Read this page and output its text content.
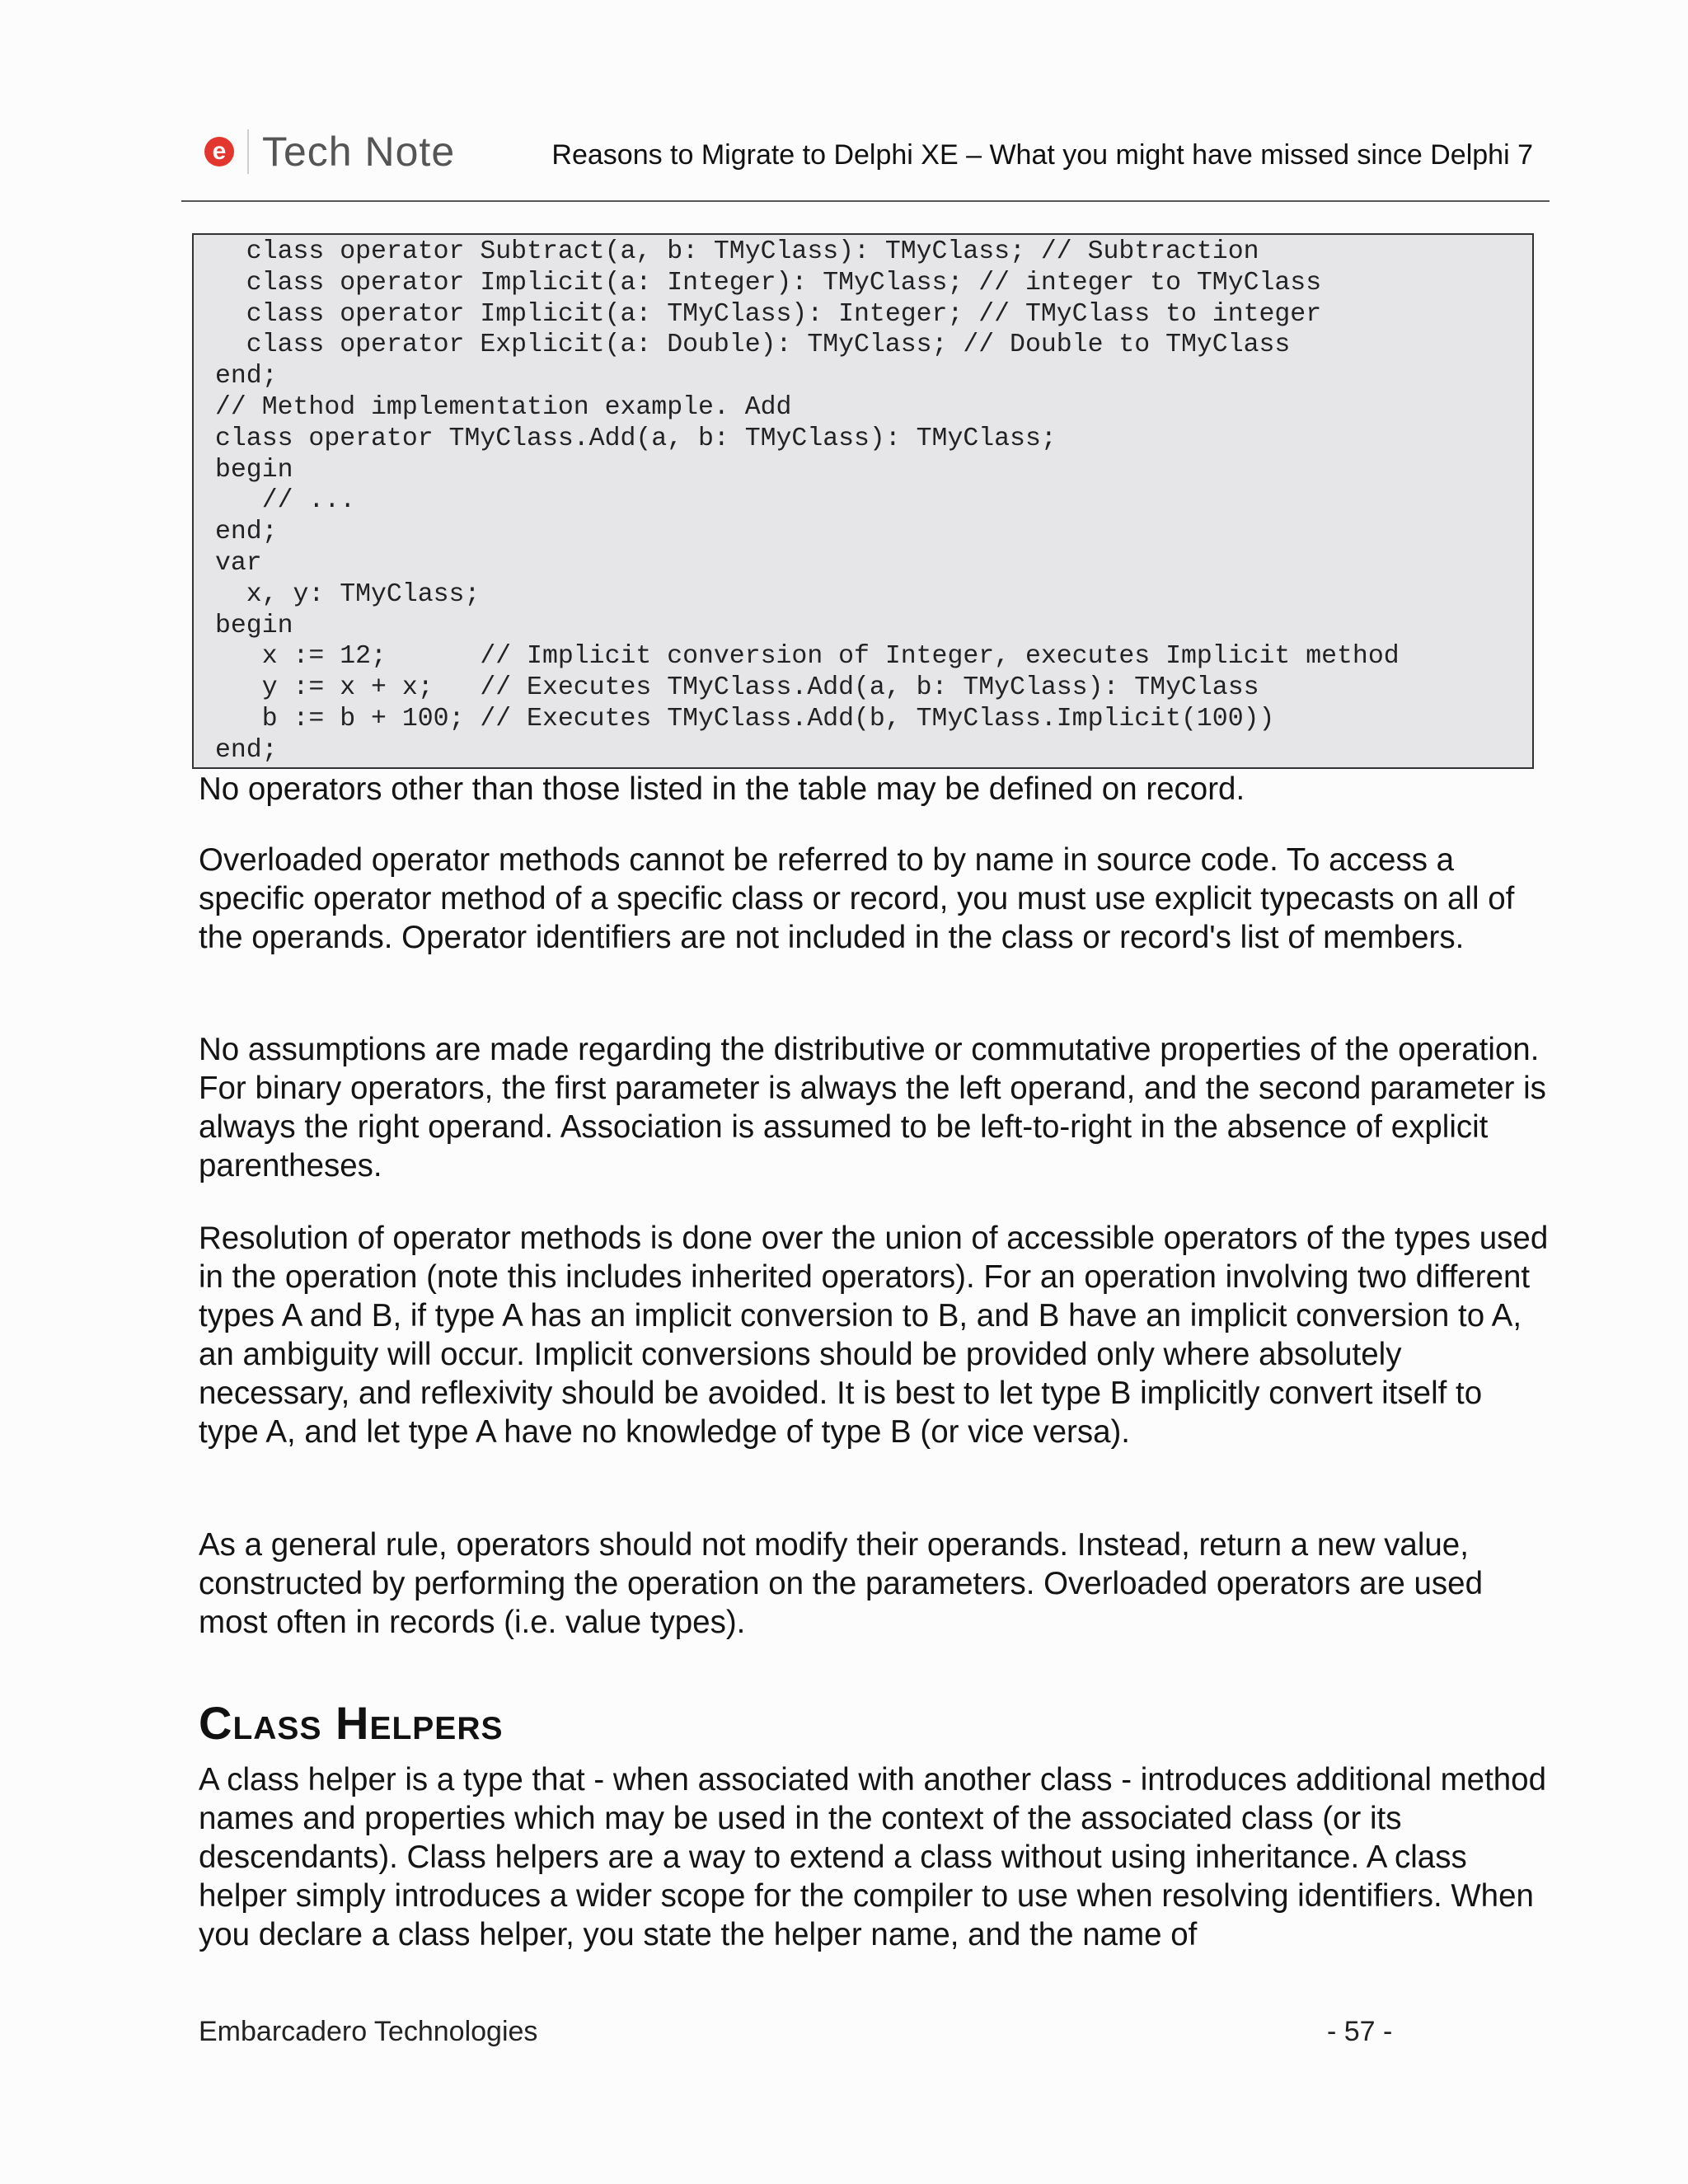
e Tech Note	Reasons to Migrate to Delphi XE – What you might have missed since Delphi 7
class operator Subtract(a, b: TMyClass): TMyClass; // Subtraction
class operator Implicit(a: Integer): TMyClass; // integer to TMyClass
class operator Implicit(a: TMyClass): Integer; // TMyClass to integer
class operator Explicit(a: Double): TMyClass; // Double to TMyClass
end;
// Method implementation example. Add
class operator TMyClass.Add(a, b: TMyClass): TMyClass;
begin
// ...
end;
var
x, y: TMyClass;
begin
x := 12;      // Implicit conversion of Integer, executes Implicit method
y := x + x;   // Executes TMyClass.Add(a, b: TMyClass): TMyClass
b := b + 100; // Executes TMyClass.Add(b, TMyClass.Implicit(100))
end;

No operators other than those listed in the table may be defined on record.

Overloaded operator methods cannot be referred to by name in source code. To access a specific operator method of a specific class or record, you must use explicit typecasts on all of the operands. Operator identifiers are not included in the class or record's list of members.

No assumptions are made regarding the distributive or commutative properties of the operation. For binary operators, the first parameter is always the left operand, and the second parameter is always the right operand. Association is assumed to be left-to-right in the absence of explicit parentheses.

Resolution of operator methods is done over the union of accessible operators of the types used in the operation (note this includes inherited operators). For an operation involving two different types A and B, if type A has an implicit conversion to B, and B have an implicit conversion to A, an ambiguity will occur. Implicit conversions should be provided only where absolutely necessary, and reflexivity should be avoided. It is best to let type B implicitly convert itself to type A, and let type A have no knowledge of type B (or vice versa).

As a general rule, operators should not modify their operands. Instead, return a new value, constructed by performing the operation on the parameters. Overloaded operators are used most often in records (i.e. value types).

Class Helpers

A class helper is a type that - when associated with another class - introduces additional method names and properties which may be used in the context of the associated class (or its descendants). Class helpers are a way to extend a class without using inheritance. A class helper simply introduces a wider scope for the compiler to use when resolving identifiers. When you declare a class helper, you state the helper name, and the name of

Embarcadero Technologies	- 57 -
